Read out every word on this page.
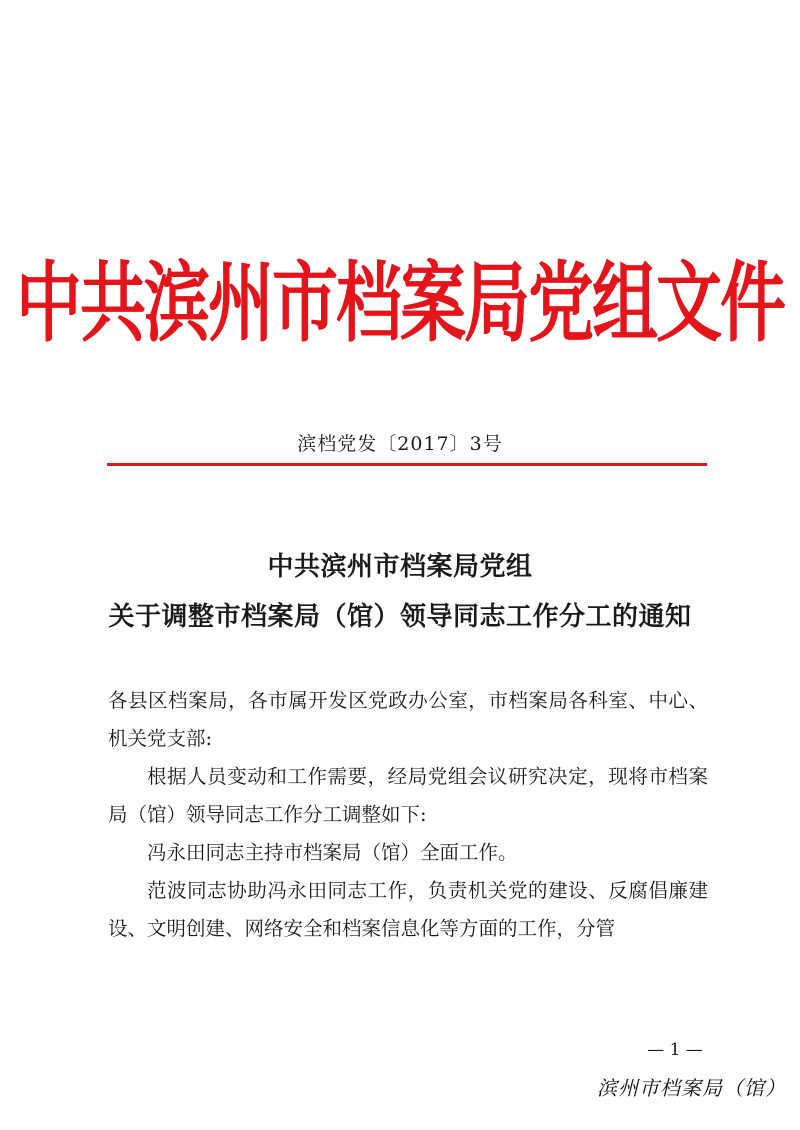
中共滨州市档案局党组文件
滨档党发〔2017〕3号
中共滨州市档案局党组
关于调整市档案局（馆）领导同志工作分工的通知

各县区档案局，各市属开发区党政办公室，市档案局各科室、中心、机关党支部:

根据人员变动和工作需要，经局党组会议研究决定，现将市档案局（馆）领导同志工作分工调整如下:

冯永田同志主持市档案局（馆）全面工作。

范波同志协助冯永田同志工作，负责机关党的建设、反腐倡廉建设、文明创建、网络安全和档案信息化等方面的工作，分管

— 1 —
滨州市档案局（馆）
